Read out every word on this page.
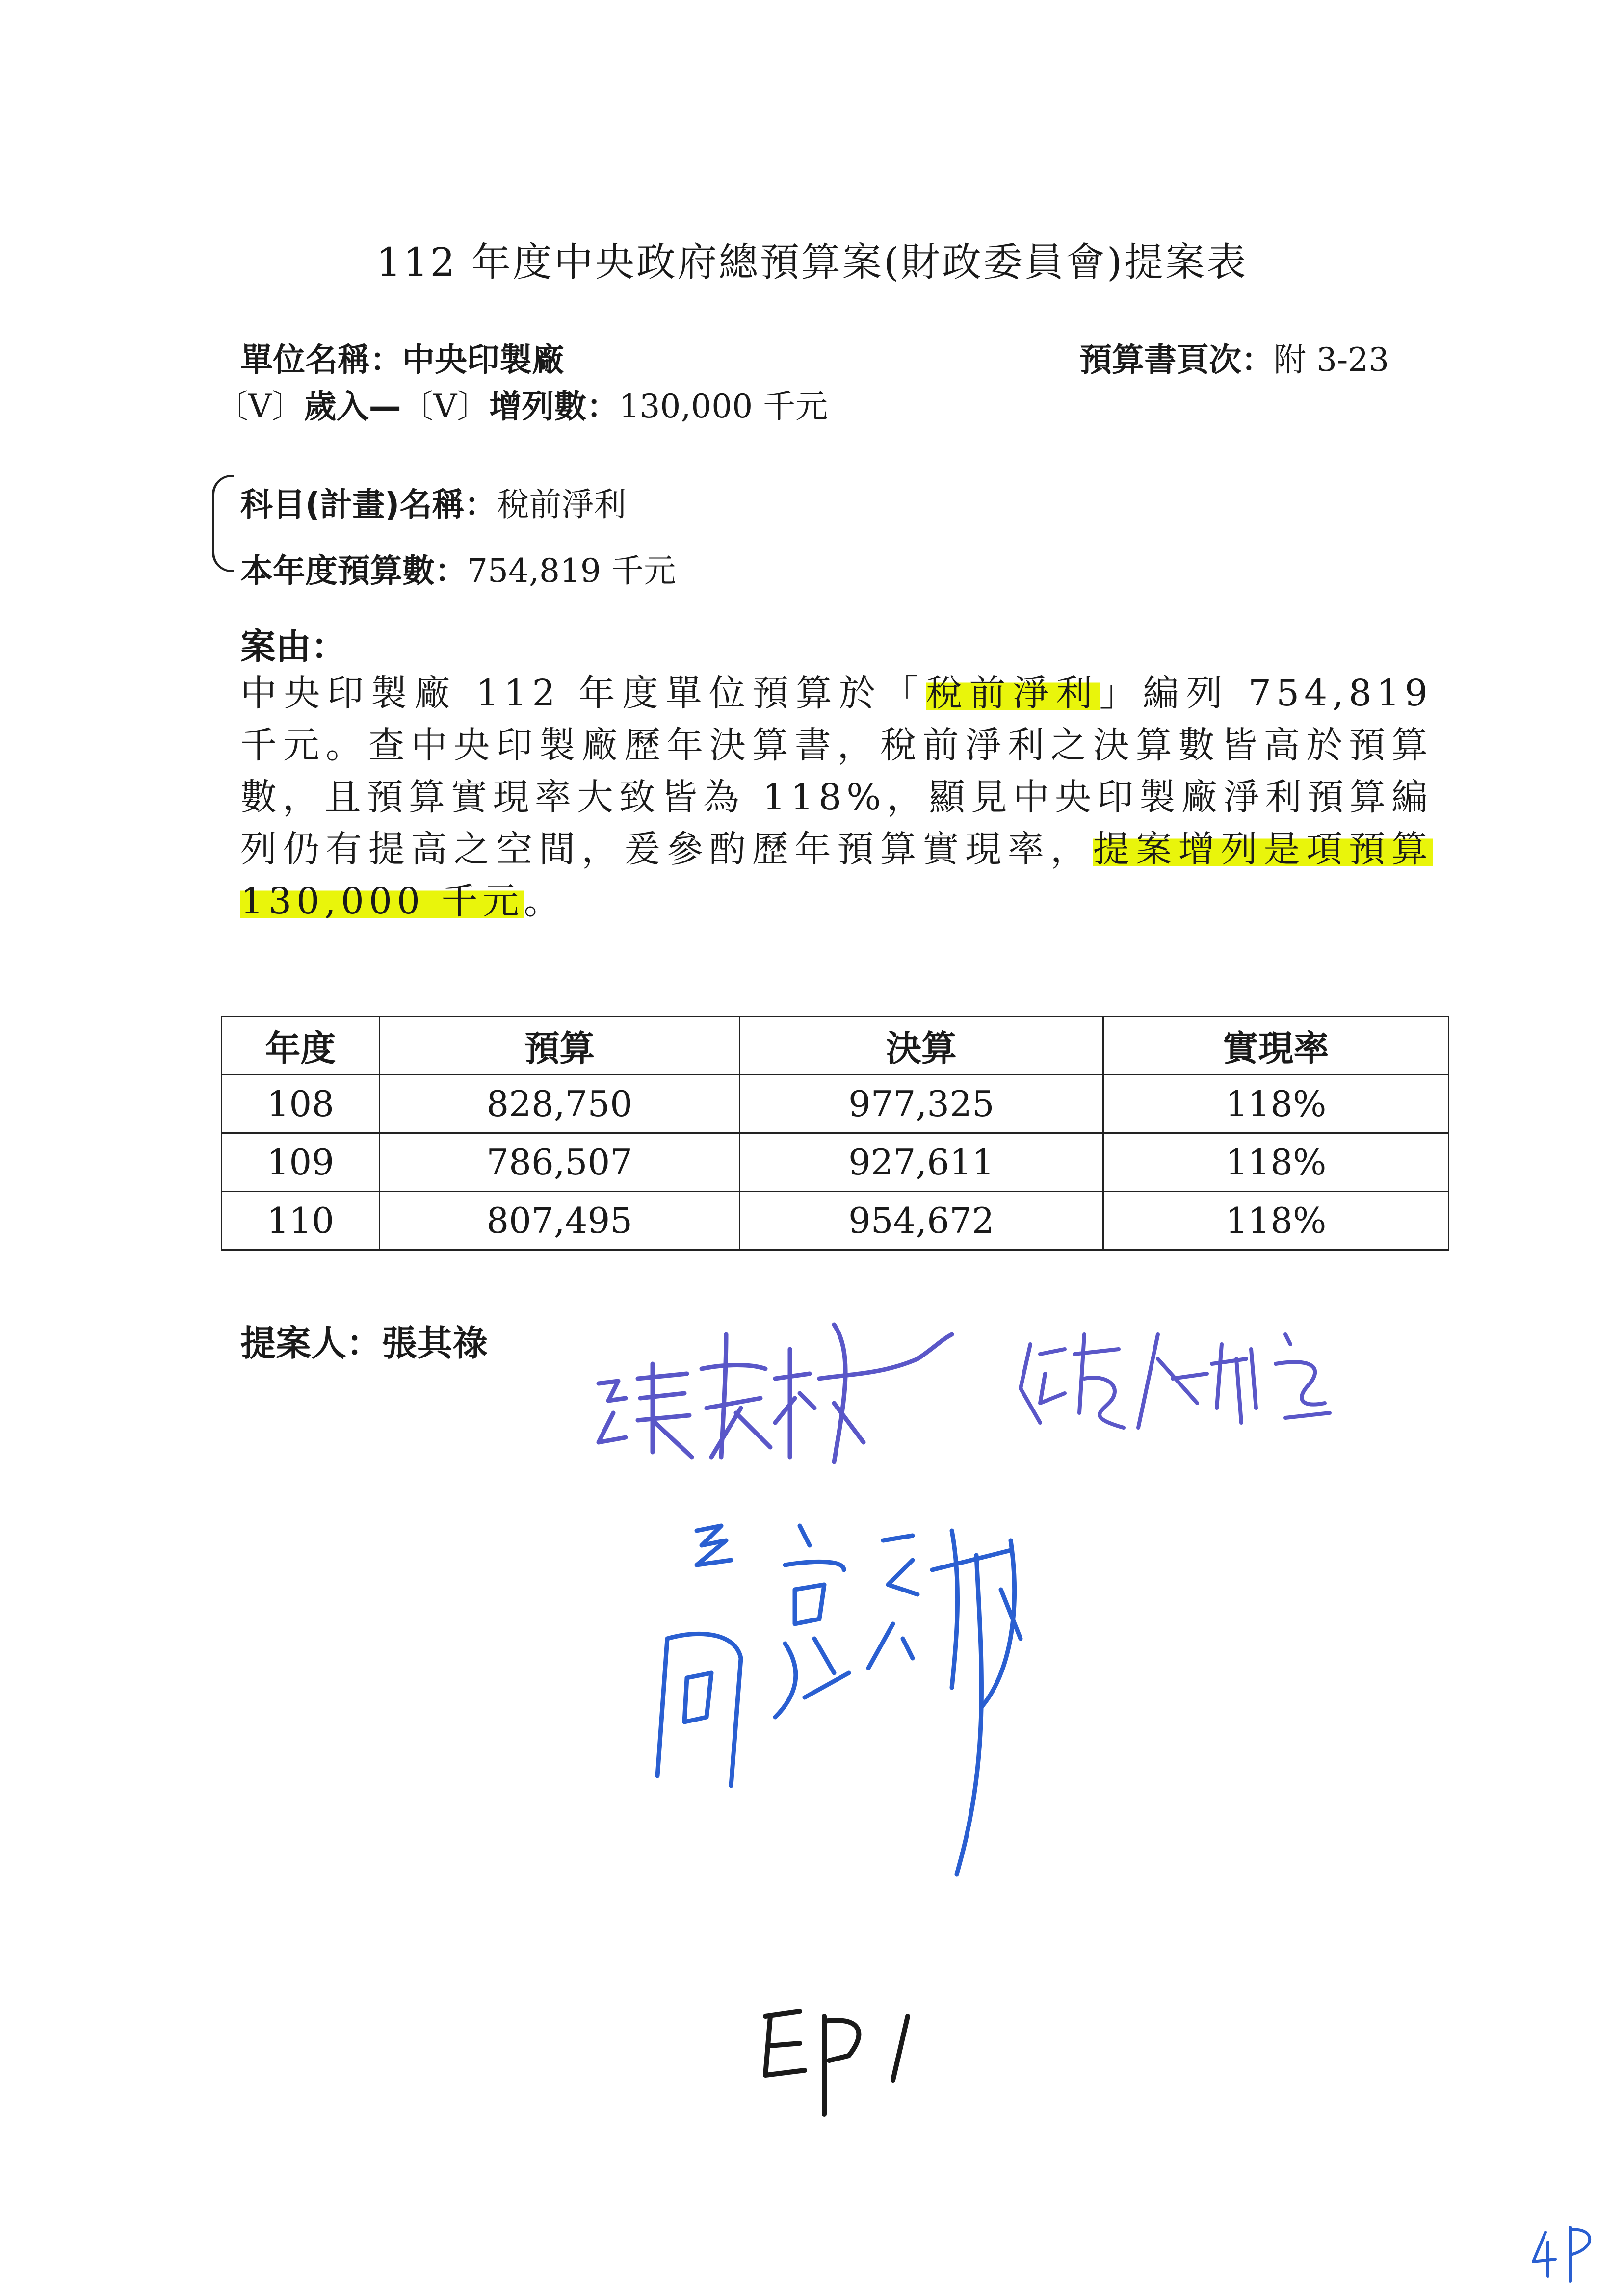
112 年度中央政府總預算案(財政委員會)提案表
單位名稱：中央印製廠	預算書頁次：附 3-23
〔V〕歲入—〔V〕增列數：130,000 千元
科目(計畫)名稱：稅前淨利
本年度預算數：754,819 千元
案由：
中央印製廠 112 年度單位預算於「稅前淨利」編列 754,819 千元。查中央印製廠歷年決算書，稅前淨利之決算數皆高於預算數，且預算實現率大致皆為 118%，顯見中央印製廠淨利預算編列仍有提高之空間，爰參酌歷年預算實現率，提案增列是項預算 130,000 千元。
年度	預算	決算	實現率
108	828,750	977,325	118%
109	786,507	927,611	118%
110	807,495	954,672	118%
提案人：張其祿
